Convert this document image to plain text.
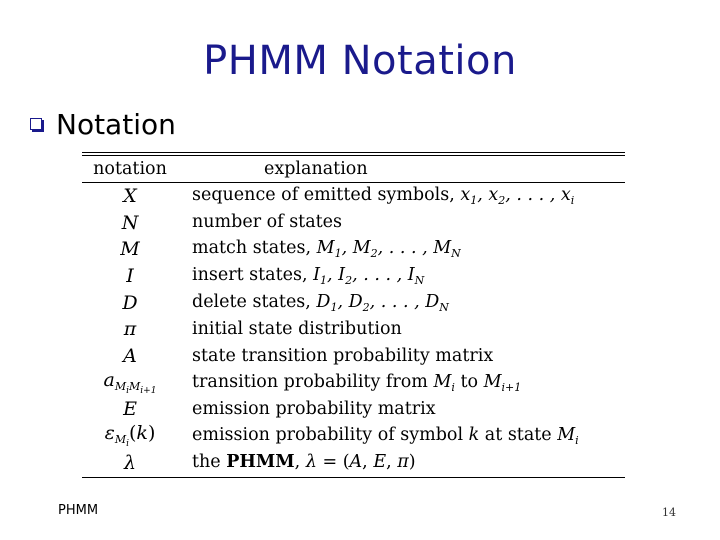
PHMM Notation
Notation
notation	explanation
X	sequence of emitted symbols, $x_1$, $x_2$, . . . , $x_i$
N	number of states
M	match states, $M_1$, $M_2$, . . . , $M_N$
I	insert states, $I_1$, $I_2$, . . . , $I_N$
D	delete states, $D_1$, $D_2$, . . . , $D_N$
π	initial state distribution
A	state transition probability matrix
$a_{M_iM_{i+1}}$	transition probability from $M_i$ to $M_{i+1}$
E	emission probability matrix
$\varepsilon_{M_i}(k)$	emission probability of symbol k at state $M_i$
λ	the PHMM, λ = (A, E, π)
PHMM	14
